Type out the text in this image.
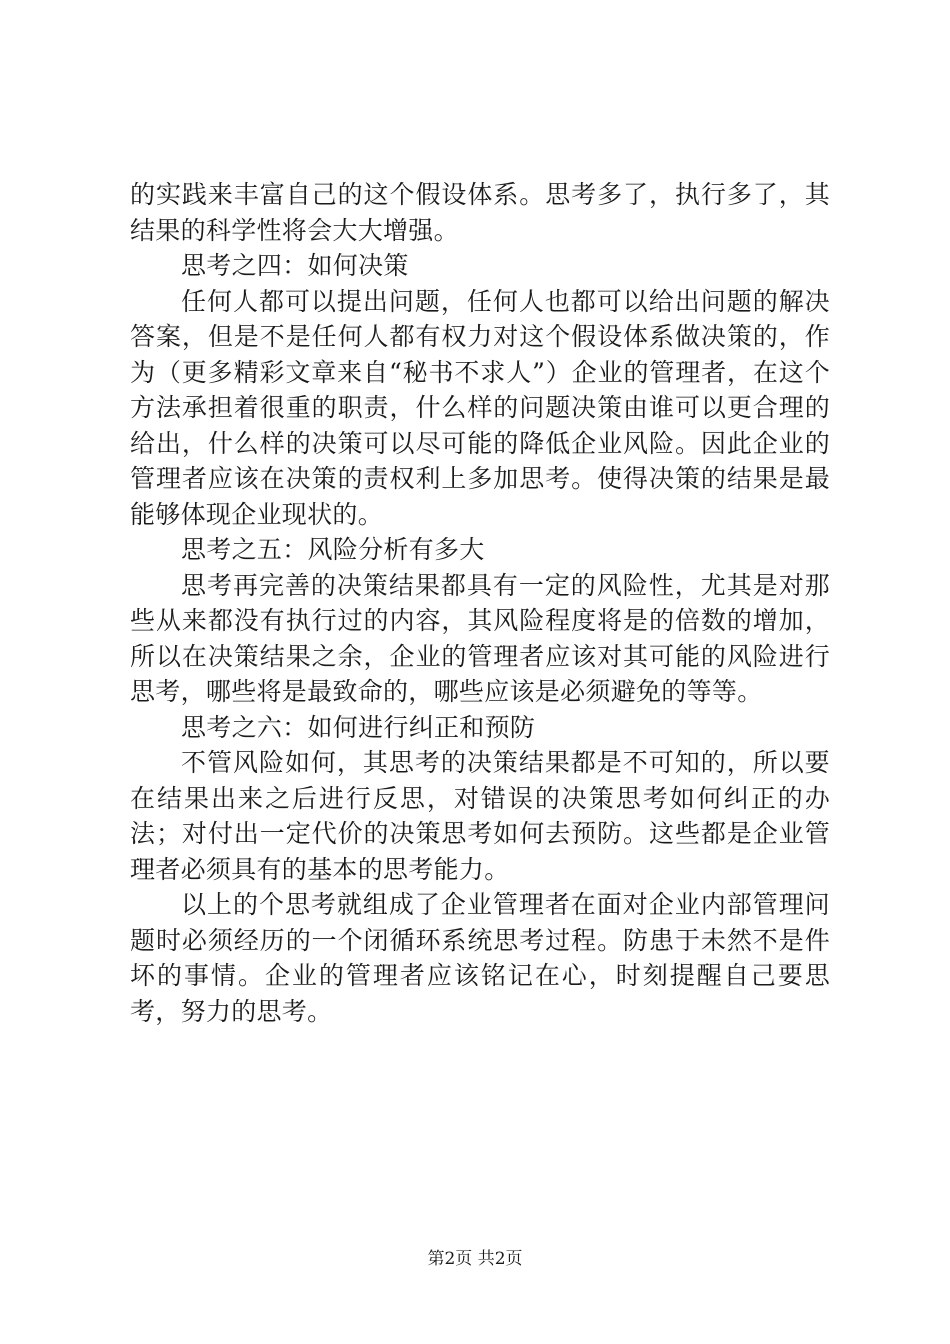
的实践来丰富自己的这个假设体系。思考多了，执行多了，其结果的科学性将会大大增强。

思考之四：如何决策

任何人都可以提出问题，任何人也都可以给出问题的解决答案，但是不是任何人都有权力对这个假设体系做决策的，作为（更多精彩文章来自“秘书不求人”）企业的管理者，在这个方法承担着很重的职责，什么样的问题决策由谁可以更合理的给出，什么样的决策可以尽可能的降低企业风险。因此企业的管理者应该在决策的责权利上多加思考。使得决策的结果是最能够体现企业现状的。

思考之五：风险分析有多大

思考再完善的决策结果都具有一定的风险性，尤其是对那些从来都没有执行过的内容，其风险程度将是的倍数的增加，所以在决策结果之余，企业的管理者应该对其可能的风险进行思考，哪些将是最致命的，哪些应该是必须避免的等等。

思考之六：如何进行纠正和预防

不管风险如何，其思考的决策结果都是不可知的，所以要在结果出来之后进行反思，对错误的决策思考如何纠正的办法；对付出一定代价的决策思考如何去预防。这些都是企业管理者必须具有的基本的思考能力。

以上的个思考就组成了企业管理者在面对企业内部管理问题时必须经历的一个闭循环系统思考过程。防患于未然不是件坏的事情。企业的管理者应该铭记在心，时刻提醒自己要思考，努力的思考。

第2页 共2页
